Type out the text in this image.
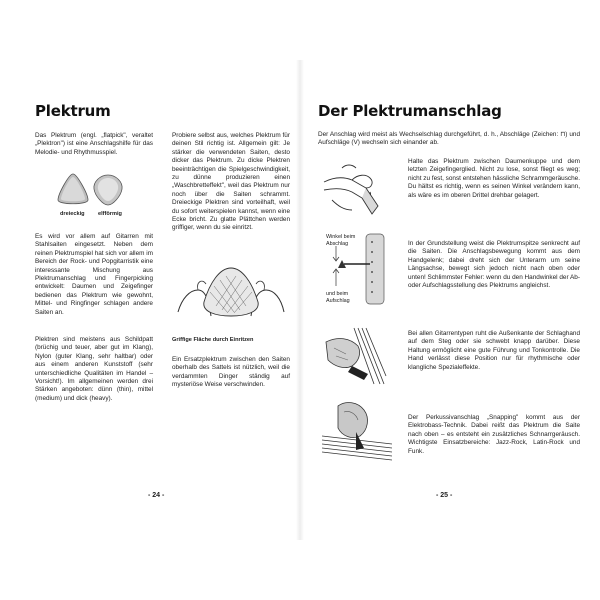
Plektrum

Das Plektrum (engl. „flatpick", veraltet „Plektron") ist eine Anschlagshilfe für das Melodie- und Rhythmusspiel.

dreieckig elfförmig

Es wird vor allem auf Gitarren mit Stahlsaiten eingesetzt. Neben dem reinen Plektrumspiel hat sich vor allem im Bereich der Rock- und Popgitarristik eine interessante Mischung aus Plektrumanschlag und Fingerpicking entwickelt: Daumen und Zeigefinger bedienen das Plektrum wie gewohnt, Mittel- und Ringfinger schlagen andere Saiten an.

Plektren sind meistens aus Schildpatt (brüchig und teuer, aber gut im Klang), Nylon (guter Klang, sehr haltbar) oder aus einem anderen Kunststoff (sehr unterschiedliche Qualitäten im Handel – Vorsicht!). Im allgemeinen werden drei Stärken angeboten: dünn (thin), mittel (medium) und dick (heavy).

Probiere selbst aus, welches Plektrum für deinen Stil richtig ist. Allgemein gilt: Je stärker die verwendeten Saiten, desto dicker das Plektrum. Zu dicke Plektren beeinträchtigen die Spielgeschwindigkeit, zu dünne produzieren einen „Waschbretteffekt", weil das Plektrum nur noch über die Saiten schrammt. Dreieckige Plektren sind vorteilhaft, weil du sofort weiterspielen kannst, wenn eine Ecke bricht. Zu glatte Plättchen werden griffiger, wenn du sie einritzt.

Griffige Fläche durch Einritzen

Ein Ersatzplektrum zwischen den Saiten oberhalb des Sattels ist nützlich, weil die verdammten Dinger ständig auf mysteriöse Weise verschwinden.

- 24 -
Der Plektrumanschlag

Der Anschlag wird meist als Wechselschlag durchgeführt, d. h., Abschläge (Zeichen: ⊓) und Aufschläge (V) wechseln sich einander ab.

Halte das Plektrum zwischen Daumenkuppe und dem letzten Zeigefingerglied. Nicht zu lose, sonst fliegt es weg; nicht zu fest, sonst entstehen hässliche Schrammgeräusche. Du hältst es richtig, wenn es seinen Winkel verändern kann, als wäre es im oberen Drittel drehbar gelagert.

Winkel beim Abschlag

und beim Aufschlag

In der Grundstellung weist die Plektrumspitze senkrecht auf die Saiten. Die Anschlagsbewegung kommt aus dem Handgelenk; dabei dreht sich der Unterarm um seine Längsachse, bewegt sich jedoch nicht nach oben oder unten! Schlimmster Fehler: wenn du den Handwinkel der Ab- oder Aufschlagsstellung des Plektrums angleichst.

Bei allen Gitarrentypen ruht die Außenkante der Schlaghand auf dem Steg oder sie schwebt knapp darüber. Diese Haltung ermöglicht eine gute Führung und Tonkontrolle. Die Hand verlässt diese Position nur für rhythmische oder klangliche Spezialeffekte.

Der Perkussivanschlag „Snapping" kommt aus der Elektrobass-Technik. Dabei reißt das Plektrum die Saite nach oben – es entsteht ein zusätzliches Schnarrgeräusch. Wichtigste Einsatzbereiche: Jazz-Rock, Latin-Rock und Funk.

- 25 -
